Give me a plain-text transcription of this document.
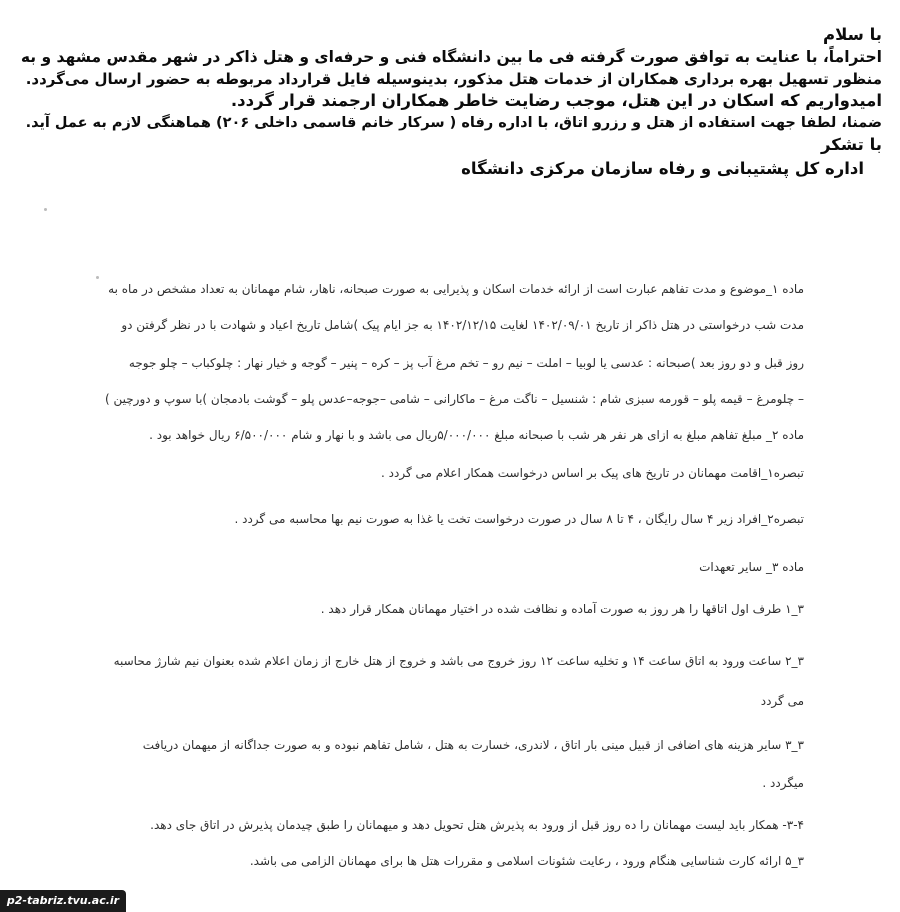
با سلام
احتراماً، با عنایت به توافق صورت گرفته فی ما بین دانشگاه فنی و حرفه‌ای و هتل ذاکر در شهر مقدس مشهد و به
منظور تسهیل بهره برداری همکاران از خدمات هتل مذکور، بدینوسیله فایل قرارداد مربوطه به حضور ارسال می‌گردد.
امیدواریم که اسکان در این هتل، موجب رضایت خاطر همکاران ارجمند قرار گردد.
ضمنا، لطفا جهت استفاده از هتل و رزرو اتاق، با اداره رفاه ( سرکار خانم قاسمی داخلی ۲۰۶) هماهنگی لازم به عمل آید.
با تشکر
اداره کل پشتیبانی و رفاه سازمان مرکزی دانشگاه
ماده ۱_موضوع و مدت تفاهم عبارت است از ارائه خدمات اسکان و پذیرایی به صورت صبحانه، ناهار، شام مهمانان به تعداد مشخص در ماه به
مدت شب درخواستی در هتل ذاکر از تاریخ ۱۴۰۲/۰۹/۰۱ لغایت ۱۴۰۲/۱۲/۱۵ به جز ایام پیک )شامل تاریخ اعیاد و شهادت با در نظر گرفتن دو
روز قبل و دو روز بعد )صبحانه : عدسی یا لوبیا – املت – نیم رو – تخم مرغ آب پز – کره – پنیر – گوجه و خیار نهار : چلوکباب – چلو جوجه
– چلومرغ – قیمه پلو – قورمه سبزی شام : شنسیل – ناگت مرغ – ماکارانی – شامی –جوجه–عدس پلو – گوشت بادمجان )با سوپ و دورچین )
ماده ۲_ مبلغ تفاهم مبلغ به ازای هر نفر هر شب با صبحانه مبلغ ۵/۰۰۰/۰۰۰ریال می باشد و با نهار و شام ۶/۵۰۰/۰۰۰ ریال خواهد بود .
تبصره۱_اقامت مهمانان در تاریخ های پیک بر اساس درخواست همکار اعلام می گردد .
تبصره۲_افراد زیر ۴ سال رایگان ، ۴ تا ۸ سال در صورت درخواست تخت یا غذا به صورت نیم بها محاسبه می گردد .
ماده ۳_ سایر تعهدات
۳_۱ طرف اول اتاقها را هر روز به صورت آماده و نظافت شده در اختیار مهمانان همکار قرار دهد .
۳_۲ ساعت ورود به اتاق ساعت ۱۴ و تخلیه ساعت ۱۲ روز خروج می باشد و خروج از هتل خارج از زمان اعلام شده بعنوان نیم شارژ محاسبه
می گردد
۳_۳ سایر هزینه های اضافی از قبیل مینی بار اتاق ، لاندری، خسارت به هتل ، شامل تفاهم نبوده و به صورت جداگانه از میهمان دریافت
میگردد .
۳-۴- همکار باید لیست مهمانان را ده روز قبل از ورود به پذیرش هتل تحویل دهد و میهمانان را طبق چیدمان پذیرش در اتاق جای دهد.
۳_۵ ارائه کارت شناسایی هنگام ورود ، رعایت شئونات اسلامی و مقررات هتل ها برای مهمانان الزامی می باشد.
p2-tabriz.tvu.ac.ir
